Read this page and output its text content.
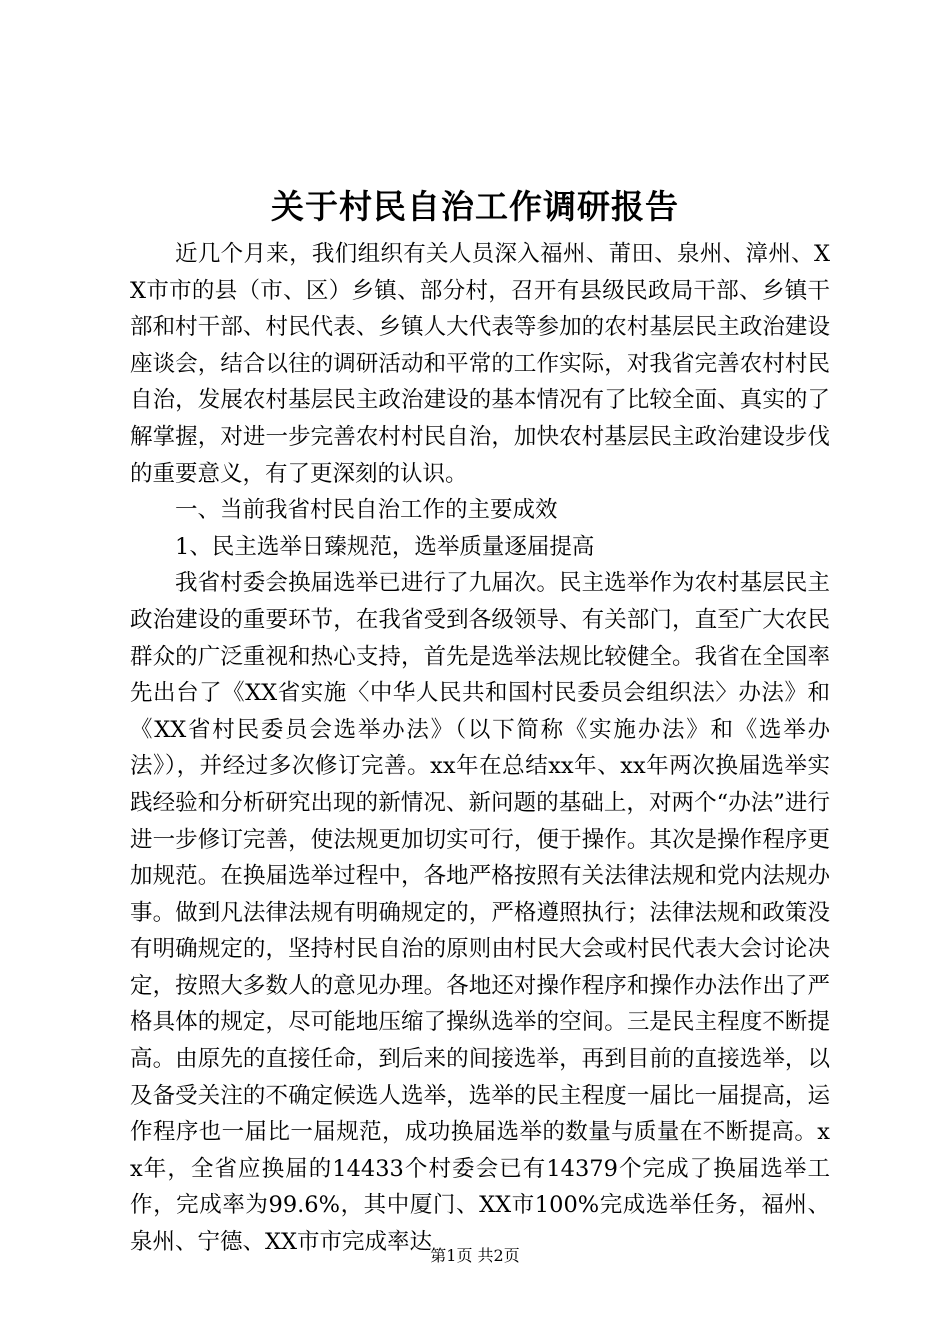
关于村民自治工作调研报告

近几个月来，我们组织有关人员深入福州、莆田、泉州、漳州、XX市市的县（市、区）乡镇、部分村，召开有县级民政局干部、乡镇干部和村干部、村民代表、乡镇人大代表等参加的农村基层民主政治建设座谈会，结合以往的调研活动和平常的工作实际，对我省完善农村村民自治，发展农村基层民主政治建设的基本情况有了比较全面、真实的了解掌握，对进一步完善农村村民自治，加快农村基层民主政治建设步伐的重要意义，有了更深刻的认识。

一、当前我省村民自治工作的主要成效

1、民主选举日臻规范，选举质量逐届提高

我省村委会换届选举已进行了九届次。民主选举作为农村基层民主政治建设的重要环节，在我省受到各级领导、有关部门，直至广大农民群众的广泛重视和热心支持，首先是选举法规比较健全。我省在全国率先出台了《XX省实施〈中华人民共和国村民委员会组织法〉办法》和《XX省村民委员会选举办法》（以下简称《实施办法》和《选举办法》），并经过多次修订完善。xx年在总结xx年、xx年两次换届选举实践经验和分析研究出现的新情况、新问题的基础上，对两个“办法”进行进一步修订完善，使法规更加切实可行，便于操作。其次是操作程序更加规范。在换届选举过程中，各地严格按照有关法律法规和党内法规办事。做到凡法律法规有明确规定的，严格遵照执行；法律法规和政策没有明确规定的，坚持村民自治的原则由村民大会或村民代表大会讨论决定，按照大多数人的意见办理。各地还对操作程序和操作办法作出了严格具体的规定，尽可能地压缩了操纵选举的空间。三是民主程度不断提高。由原先的直接任命，到后来的间接选举，再到目前的直接选举，以及备受关注的不确定候选人选举，选举的民主程度一届比一届提高，运作程序也一届比一届规范，成功换届选举的数量与质量在不断提高。xx年，全省应换届的14433个村委会已有14379个完成了换届选举工作，完成率为99.6%，其中厦门、XX市100%完成选举任务，福州、泉州、宁德、XX市市完成率达

第1页 共2页
